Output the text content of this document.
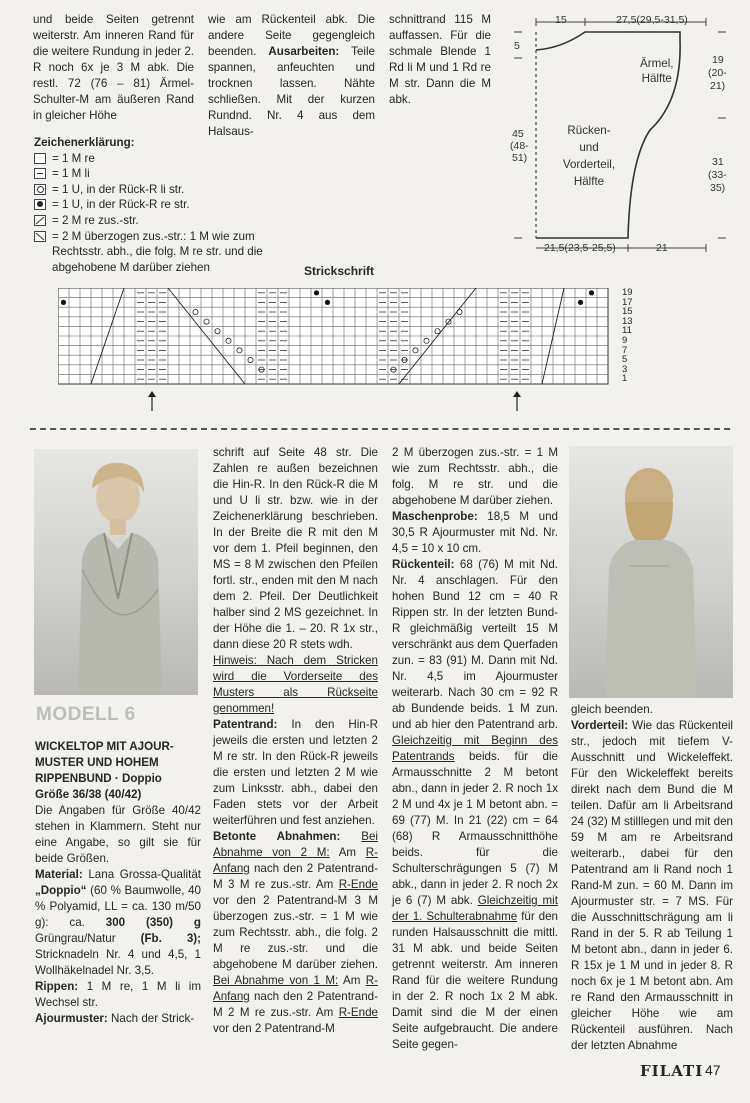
und beide Seiten getrennt weiterstr. Am inneren Rand für die weitere Rundung in jeder 2. R noch 6x je 3 M abk. Die restl. 72 (76 – 81) Ärmel-Schulter-M am äußeren Rand in gleicher Höhe

wie am Rückenteil abk. Die andere Seite gegengleich beenden. Ausarbeiten: Teile spannen, anfeuchten und trocknen lassen. Nähte schließen. Mit der kurzen Rundnd. Nr. 4 aus dem Halsaus-

schnittrand 115 M auffassen. Für die schmale Blende 1 Rd li M und 1 Rd re M str. Dann die M abk.

Zeichenerklärung:
= 1 M re
= 1 M li
= 1 U, in der Rück-R li str.
= 1 U, in der Rück-R re str.
= 2 M re zus.-str.
= 2 M überzogen zus.-str.: 1 M wie zum Rechtsstr. abh., die folg. M re str. und die abgehobene M darüber ziehen
15	27,5(29,5-31,5)
5
45
(48-
51)
19
(20-
21)
31
(33-
35)
21,5(23,5-25,5)	21
Ärmel,
Hälfte
Rücken-
und
Vorderteil,
Hälfte
Strickschrift
19
17
15
13
11
9
7
5
3
1
MODELL 6

WICKELTOP MIT AJOUR-

MUSTER UND HOHEM

RIPPENBUND · Doppio

Größe 36/38 (40/42)

Die Angaben für Größe 40/42 stehen in Klammern. Steht nur eine Angabe, so gilt sie für beide Größen.

Material: Lana Grossa-Qualität „Doppio“ (60 % Baumwolle, 40 % Polyamid, LL = ca. 130 m/50 g): ca. 300 (350) g Grüngrau/Natur (Fb. 3); Stricknadeln Nr. 4 und 4,5, 1 Wollhäkelnadel Nr. 3,5.

Rippen: 1 M re, 1 M li im Wechsel str.

Ajourmuster: Nach der Strick-

schrift auf Seite 48 str. Die Zahlen re außen bezeichnen die Hin-R. In den Rück-R die M und U li str. bzw. wie in der Zeichenerklärung beschrieben. In der Breite die R mit den M vor dem 1. Pfeil beginnen, den MS = 8 M zwischen den Pfeilen fortl. str., enden mit den M nach dem 2. Pfeil. Der Deutlichkeit halber sind 2 MS gezeichnet. In der Höhe die 1. – 20. R 1x str., dann diese 20 R stets wdh.

Hinweis: Nach dem Stricken wird die Vorderseite des Musters als Rückseite genommen!

Patentrand: In den Hin-R jeweils die ersten und letzten 2 M re str. In den Rück-R jeweils die ersten und letzten 2 M wie zum Linksstr. abh., dabei den Faden stets vor der Arbeit weiterführen und fest anziehen.

Betonte Abnahmen: Bei Abnahme von 2 M: Am R-Anfang nach den 2 Patentrand-M 3 M re zus.-str. Am R-Ende vor den 2 Patentrand-M 3 M überzogen zus.-str. = 1 M wie zum Rechtsstr. abh., die folg. 2 M re zus.-str. und die abgehobene M darüber ziehen. Bei Abnahme von 1 M: Am R-Anfang nach den 2 Patentrand-M 2 M re zus.-str. Am R-Ende vor den 2 Patentrand-M

2 M überzogen zus.-str. = 1 M wie zum Rechtsstr. abh., die folg. M re str. und die abgehobene M darüber ziehen.

Maschenprobe: 18,5 M und 30,5 R Ajourmuster mit Nd. Nr. 4,5 = 10 x 10 cm.

Rückenteil: 68 (76) M mit Nd. Nr. 4 anschlagen. Für den hohen Bund 12 cm = 40 R Rippen str. In der letzten Bund-R gleichmäßig verteilt 15 M verschränkt aus dem Querfaden zun. = 83 (91) M. Dann mit Nd. Nr. 4,5 im Ajourmuster weiterarb. Nach 30 cm = 92 R ab Bundende beids. 1 M zun. und ab hier den Patentrand arb. Gleichzeitig mit Beginn des Patentrands beids. für die Armausschnitte 2 M betont abn., dann in jeder 2. R noch 1x 2 M und 4x je 1 M betont abn. = 69 (77) M. In 21 (22) cm = 64 (68) R Armausschnitthöhe beids. für die Schulterschrägungen 5 (7) M abk., dann in jeder 2. R noch 2x je 6 (7) M abk. Gleichzeitig mit der 1. Schulterabnahme für den runden Halsausschnitt die mittl. 31 M abk. und beide Seiten getrennt weiterstr. Am inneren Rand für die weitere Rundung in der 2. R noch 1x 2 M abk. Damit sind die M der einen Seite aufgebraucht. Die andere Seite gegen-

gleich beenden.

Vorderteil: Wie das Rückenteil str., jedoch mit tiefem V-Ausschnitt und Wickeleffekt. Für den Wickeleffekt bereits direkt nach dem Bund die M teilen. Dafür am li Arbeitsrand 24 (32) M stilllegen und mit den 59 M am re Arbeitsrand weiterarb., dabei für den Patentrand am li Rand noch 1 Rand-M zun. = 60 M. Dann im Ajourmuster str. = 7 MS. Für die Ausschnittschrägung am li Rand in der 5. R ab Teilung 1 M betont abn., dann in jeder 6. R 15x je 1 M und in jeder 8. R noch 6x je 1 M betont abn. Am re Rand den Armausschnitt in gleicher Höhe wie am Rückenteil ausführen. Nach der letzten Abnahme

FILATI 47
